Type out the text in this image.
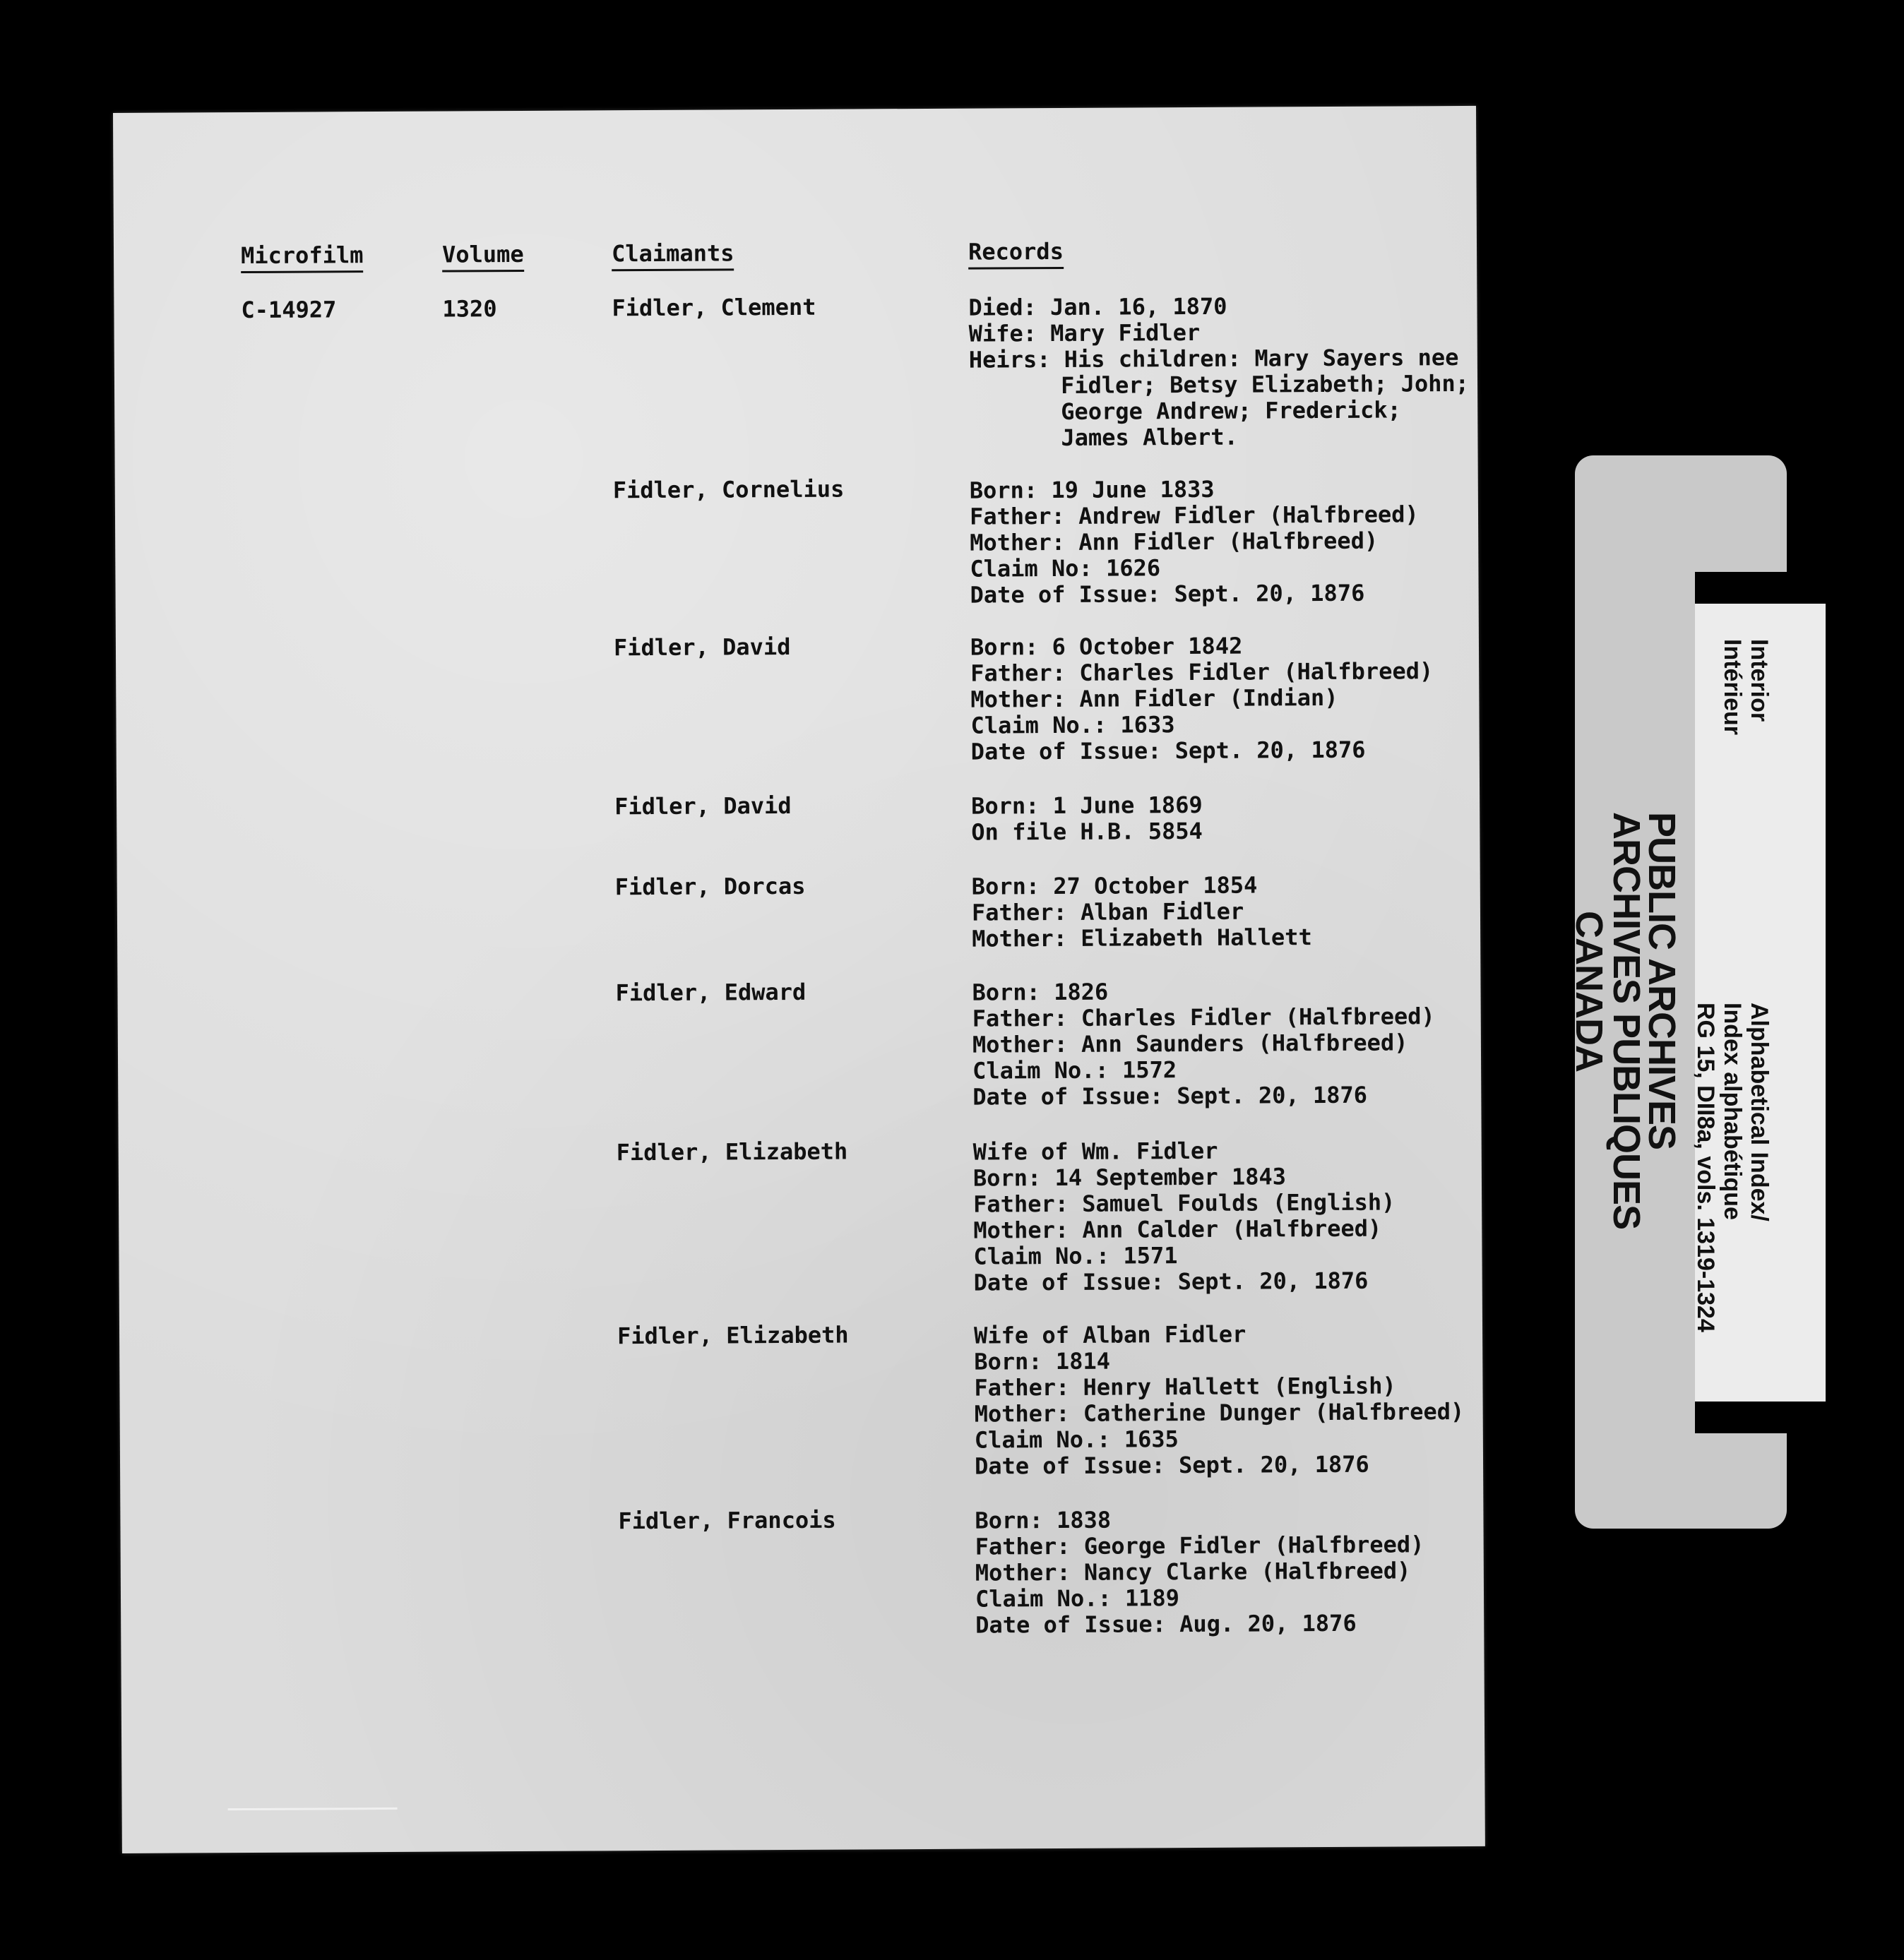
Microfilm	Volume	Claimants	Records
C-14927	1320	Fidler, Clement	Died: Jan. 16, 1870
Wife: Mary Fidler
Heirs: His children: Mary Sayers nee
Fidler; Betsy Elizabeth; John;
George Andrew; Frederick;
James Albert.
Fidler, Cornelius	Born: 19 June 1833
Father: Andrew Fidler (Halfbreed)
Mother: Ann Fidler (Halfbreed)
Claim No: 1626
Date of Issue: Sept. 20, 1876
Fidler, David	Born: 6 October 1842
Father: Charles Fidler (Halfbreed)
Mother: Ann Fidler (Indian)
Claim No.: 1633
Date of Issue: Sept. 20, 1876
Fidler, David	Born: 1 June 1869
On file H.B. 5854
Fidler, Dorcas	Born: 27 October 1854
Father: Alban Fidler
Mother: Elizabeth Hallett
Fidler, Edward	Born: 1826
Father: Charles Fidler (Halfbreed)
Mother: Ann Saunders (Halfbreed)
Claim No.: 1572
Date of Issue: Sept. 20, 1876
Fidler, Elizabeth	Wife of Wm. Fidler
Born: 14 September 1843
Father: Samuel Foulds (English)
Mother: Ann Calder (Halfbreed)
Claim No.: 1571
Date of Issue: Sept. 20, 1876
Fidler, Elizabeth	Wife of Alban Fidler
Born: 1814
Father: Henry Hallett (English)
Mother: Catherine Dunger (Halfbreed)
Claim No.: 1635
Date of Issue: Sept. 20, 1876
Fidler, Francois	Born: 1838
Father: George Fidler (Halfbreed)
Mother: Nancy Clarke (Halfbreed)
Claim No.: 1189
Date of Issue: Aug. 20, 1876
Interior
Intérieur
PUBLIC ARCHIVES
ARCHIVES PUBLIQUES
CANADA
Alphabetical Index/
Index alphabétique
RG 15, DII8a, vols. 1319-1324
